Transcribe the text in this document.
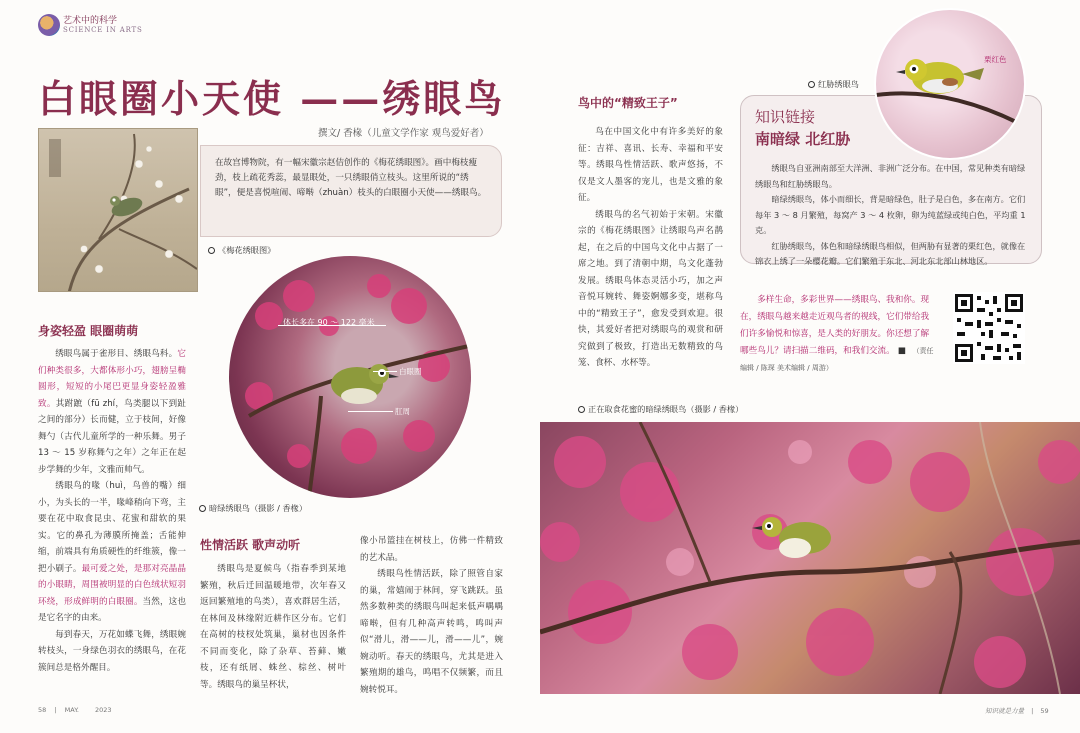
艺术中的科学
SCIENCE IN ARTS
白眼圈小天使 ——绣眼鸟
撰文/ 香椽（儿童文学作家 观鸟爱好者）
在故宫博物院，有一幅宋徽宗赵佶创作的《梅花绣眼图》。画中梅枝瘦劲，枝上疏花秀蕊，最显眼处，一只绣眼俏立枝头。这里所说的“绣眼”，便是喜悦喧闹、啼啭（zhuàn）枝头的白眼圈小天使——绣眼鸟。
《梅花绣眼图》
体长多在 90 ～ 122 毫米
白眼圈
肛周
暗绿绣眼鸟（摄影 / 香椽）
身姿轻盈 眼圈萌萌

绣眼鸟属于雀形目、绣眼鸟科。它们种类很多，大都体形小巧，翅膀呈椭圆形，短短的小尾巴更显身姿轻盈雅致。其跗蹠（fū zhí，鸟类腿以下到趾之间的部分）长而健，立于枝间，好像舞勺（古代儿童所学的一种乐舞。男子 13 ～ 15 岁称舞勺之年）之年正在起步学舞的少年，文雅而帅气。

绣眼鸟的喙（huì，鸟兽的嘴）细小，为头长的一半，喙峰稍向下弯，主要在花中取食昆虫、花蜜和甜软的果实。它的鼻孔为薄膜所掩盖；舌能伸缩，前端具有角质硬性的纤维簇，像一把小刷子。最可爱之处，是那对亮晶晶的小眼睛，周围被明显的白色绒状短羽环绕，形成鲜明的白眼圈。当然，这也是它名字的由来。

每到春天，万花如蝶飞舞，绣眼婉转枝头，一身绿色羽衣的绣眼鸟，在花簇间总是格外醒目。

性情活跃 歌声动听

绣眼鸟是夏候鸟（指春季到某地繁殖，秋后迁回温暖地带，次年春又返回繁殖地的鸟类），喜欢群居生活，在林间及林缘附近耕作区分布。它们在高树的枝杈处筑巢，巢材也因条件不同而变化，除了杂草、苔藓、嫩枝，还有纸屑、蛛丝、棕丝、树叶等。绣眼鸟的巢呈杯状，

像小吊篮挂在树枝上，仿佛一件精致的艺术品。

绣眼鸟性情活跃，除了照管自家的巢，常嬉闹于林间，穿飞跳跃。虽然多数种类的绣眼鸟叫起来低声喁喁啼啭，但有几种高声转鸣，鸣叫声似“滑儿，滑——儿，滑——儿”，婉婉动听。春天的绣眼鸟，尤其是进入繁殖期的雄鸟，鸣唱不仅频繁，而且婉转悦耳。

鸟中的“精致王子”

鸟在中国文化中有许多美好的象征：吉祥、喜讯、长寿、幸福和平安等。绣眼鸟性情活跃、歌声悠扬，不仅是文人墨客的宠儿，也是文雅的象征。

绣眼鸟的名气初始于宋朝。宋徽宗的《梅花绣眼图》让绣眼鸟声名鹊起，在之后的中国鸟文化中占据了一席之地。到了清朝中期，鸟文化蓬勃发展。绣眼鸟体态灵活小巧，加之声音悦耳婉转、舞姿婀娜多变，堪称鸟中的“精致王子”，愈发受到欢迎。很快，其爱好者把对绣眼鸟的观赏和研究做到了极致，打造出无数精致的鸟笼、食杯、水杯等。

知识链接
南暗绿 北红胁

绣眼鸟自亚洲南部至大洋洲、非洲广泛分布。在中国，常见种类有暗绿绣眼鸟和红胁绣眼鸟。

暗绿绣眼鸟，体小而细长，背是暗绿色，肚子是白色，多在南方。它们每年 3 ～ 8 月繁殖，每窝产 3 ～ 4 枚卵，卵为纯蓝绿或纯白色，平均重 1 克。

红胁绣眼鸟，体色和暗绿绣眼鸟相似，但两胁有显著的栗红色，就像在锦衣上绣了一朵樱花瓣。它们繁殖于东北、河北东北部山林地区。

栗红色
红胁绣眼鸟
多样生命，多彩世界——绣眼鸟、我和你。现在，绣眼鸟越来越走近观鸟者的视线，它们带给我们许多愉悦和惊喜，是人类的好朋友。你还想了解哪些鸟儿？请扫描二维码，和我们交流。 ■ （责任编辑 / 陈琛 美术编辑 / 周游）
正在取食花蜜的暗绿绣眼鸟（摄影 / 香椽）
58 | MAY. 2023	知识就是力量 | 59
